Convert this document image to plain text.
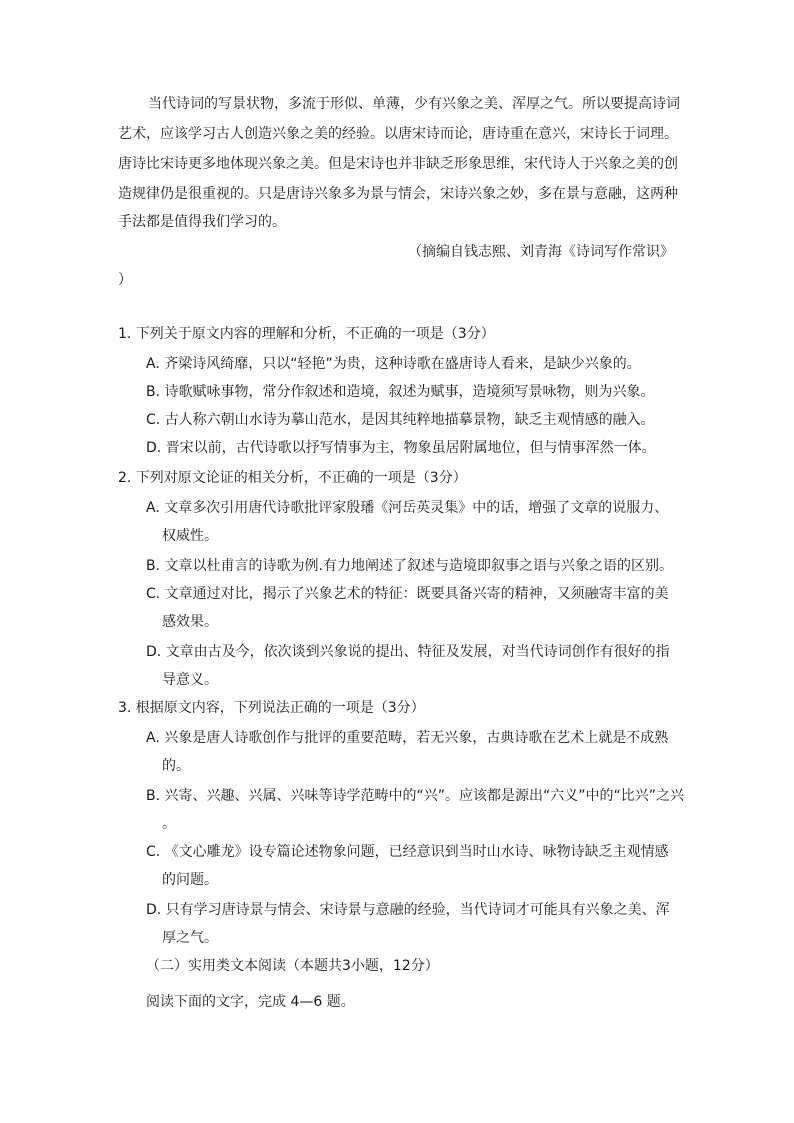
当代诗词的写景状物，多流于形似、单薄，少有兴象之美、浑厚之气。所以要提高诗词
艺术，应该学习古人创造兴象之美的经验。以唐宋诗而论，唐诗重在意兴，宋诗长于词理。
唐诗比宋诗更多地体现兴象之美。但是宋诗也并非缺乏形象思维，宋代诗人于兴象之美的创
造规律仍是很重视的。只是唐诗兴象多为景与情会，宋诗兴象之妙，多在景与意融，这两种
手法都是值得我们学习的。
（摘编自钱志熙、刘青海《诗词写作常识》
）
1. 下列关于原文内容的理解和分析，不正确的一项是（3分）
A. 齐梁诗风绮靡，只以“轻艳”为贵，这种诗歌在盛唐诗人看来，是缺少兴象的。
B. 诗歌赋咏事物，常分作叙述和造境，叙述为赋事，造境须写景咏物，则为兴象。
C. 古人称六朝山水诗为摹山范水，是因其纯粹地描摹景物，缺乏主观情感的融入。
D. 晋宋以前，古代诗歌以抒写情事为主，物象虽居附属地位，但与情事浑然一体。
2. 下列对原文论证的相关分析，不正确的一项是（3分）
A. 文章多次引用唐代诗歌批评家殷璠《河岳英灵集》中的话，增强了文章的说服力、
权威性。
B. 文章以杜甫言的诗歌为例.有力地阐述了叙述与造境即叙事之语与兴象之语的区别。
C. 文章通过对比，揭示了兴象艺术的特征：既要具备兴寄的精神，又须融寄丰富的美
感效果。
D. 文章由古及今，依次谈到兴象说的提出、特征及发展，对当代诗词创作有很好的指
导意义。
3. 根据原文内容，下列说法正确的一项是（3分）
A. 兴象是唐人诗歌创作与批评的重要范畴，若无兴象，古典诗歌在艺术上就是不成熟
的。
B. 兴寄、兴趣、兴属、兴味等诗学范畴中的“兴”。应该都是源出“六义”中的“比兴”之兴
。
C. 《文心雕龙》设专篇论述物象问题，已经意识到当时山水诗、咏物诗缺乏主观情感
的问题。
D. 只有学习唐诗景与情会、宋诗景与意融的经验，当代诗词才可能具有兴象之美、浑
厚之气。
（二）实用类文本阅读（本题共3小题，12分）
阅读下面的文字，完成 4—6 题。
